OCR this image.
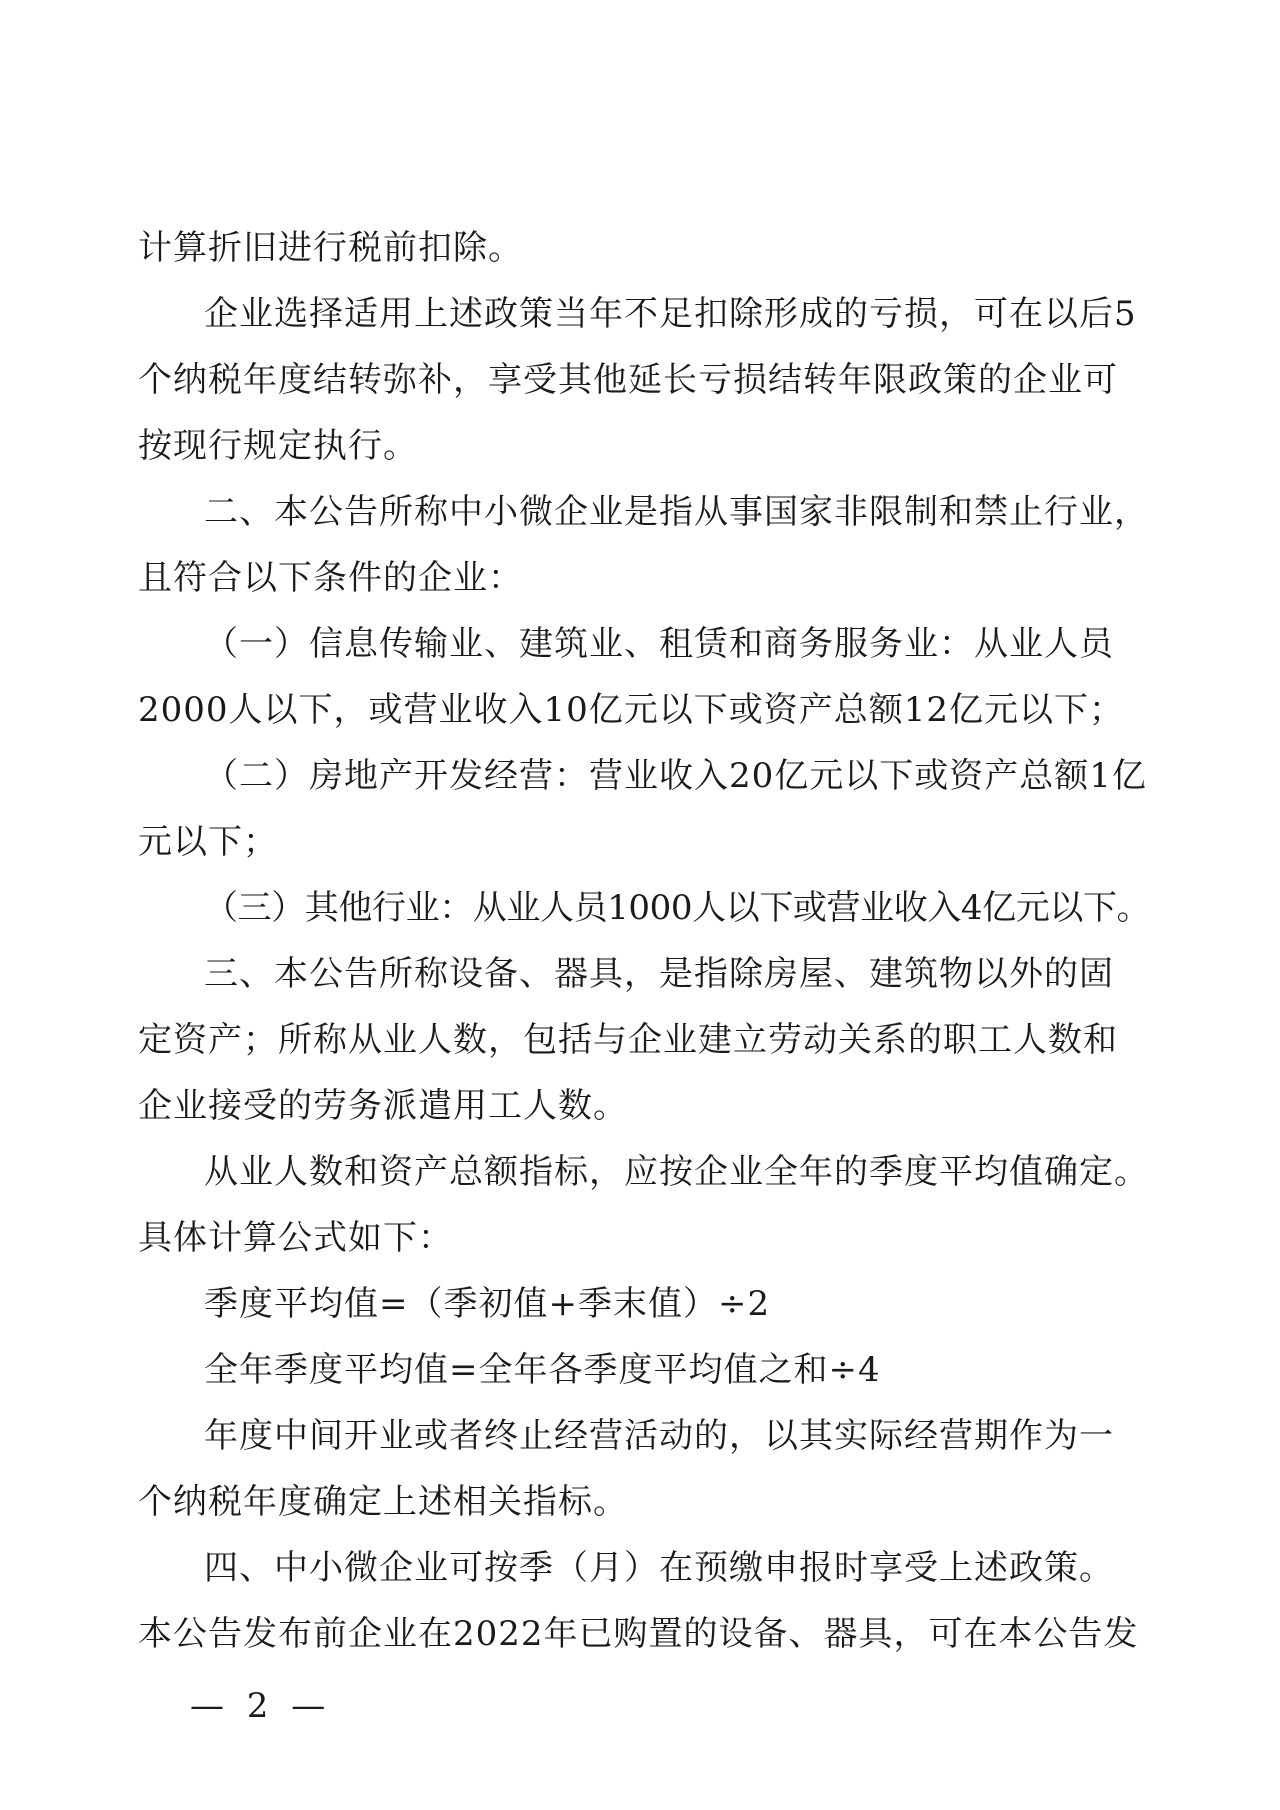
计算折旧进行税前扣除。
企业选择适用上述政策当年不足扣除形成的亏损，可在以后5
个纳税年度结转弥补，享受其他延长亏损结转年限政策的企业可
按现行规定执行。
二、本公告所称中小微企业是指从事国家非限制和禁止行业，
且符合以下条件的企业：
（一）信息传输业、建筑业、租赁和商务服务业：从业人员
2000人以下，或营业收入10亿元以下或资产总额12亿元以下；
（二）房地产开发经营：营业收入20亿元以下或资产总额1亿
元以下；
（三）其他行业：从业人员1000人以下或营业收入4亿元以下。
三、本公告所称设备、器具，是指除房屋、建筑物以外的固
定资产；所称从业人数，包括与企业建立劳动关系的职工人数和
企业接受的劳务派遣用工人数。
从业人数和资产总额指标，应按企业全年的季度平均值确定。
具体计算公式如下：
季度平均值=（季初值+季末值）÷2
全年季度平均值=全年各季度平均值之和÷4
年度中间开业或者终止经营活动的，以其实际经营期作为一
个纳税年度确定上述相关指标。
四、中小微企业可按季（月）在预缴申报时享受上述政策。
本公告发布前企业在2022年已购置的设备、器具，可在本公告发
— 2 —
